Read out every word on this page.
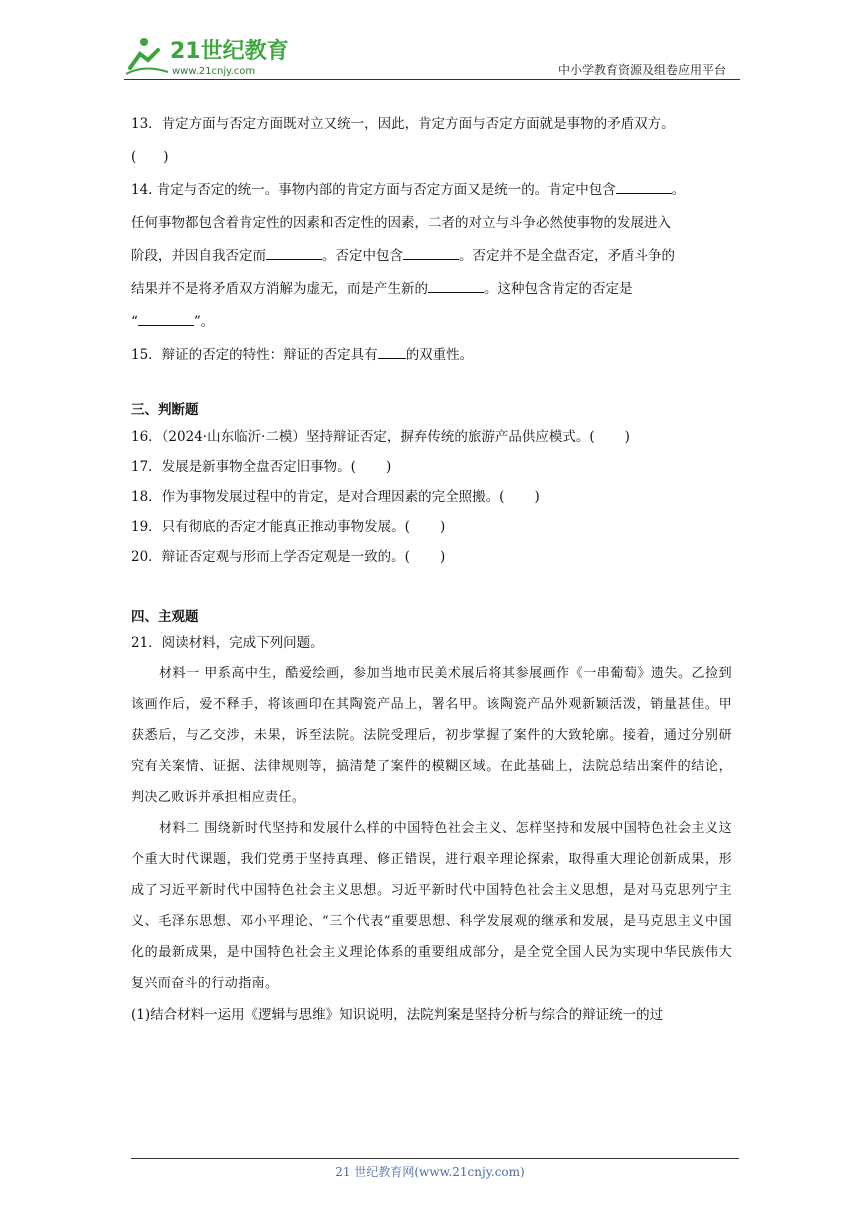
21世纪教育
www.21cnjy.com	中小学教育资源及组卷应用平台
13．肯定方面与否定方面既对立又统一，因此，肯定方面与否定方面就是事物的矛盾双方。
(　　)
14. 肯定与否定的统一。事物内部的肯定方面与否定方面又是统一的。肯定中包含	。
任何事物都包含着肯定性的因素和否定性的因素，二者的对立与斗争必然使事物的发展进入
阶段，并因自我否定而	。否定中包含	。否定并不是全盘否定，矛盾斗争的
结果并不是将矛盾双方消解为虚无，而是产生新的	。这种包含肯定的否定是
“	”。
15．辩证的否定的特性：辩证的否定具有 的双重性。
三、判断题
16．（2024·山东临沂·二模）坚持辩证否定，摒弃传统的旅游产品供应模式。( )
17．发展是新事物全盘否定旧事物。( )
18．作为事物发展过程中的肯定，是对合理因素的完全照搬。( )
19．只有彻底的否定才能真正推动事物发展。( )
20．辩证否定观与形而上学否定观是一致的。( )
四、主观题
21．阅读材料，完成下列问题。
材料一 甲系高中生，酷爱绘画，参加当地市民美术展后将其参展画作《一串葡萄》遗失。乙捡到该画作后，爱不释手，将该画印在其陶瓷产品上，署名甲。该陶瓷产品外观新颖活泼，销量甚佳。甲获悉后，与乙交涉，未果，诉至法院。法院受理后，初步掌握了案件的大致轮廓。接着，通过分别研究有关案情、证据、法律规则等，搞清楚了案件的模糊区域。在此基础上，法院总结出案件的结论，判决乙败诉并承担相应责任。
材料二 围绕新时代坚持和发展什么样的中国特色社会主义、怎样坚持和发展中国特色社会主义这个重大时代课题，我们党勇于坚持真理、修正错误，进行艰辛理论探索，取得重大理论创新成果，形成了习近平新时代中国特色社会主义思想。习近平新时代中国特色社会主义思想，是对马克思列宁主义、毛泽东思想、邓小平理论、“三个代表”重要思想、科学发展观的继承和发展，是马克思主义中国化的最新成果，是中国特色社会主义理论体系的重要组成部分，是全党全国人民为实现中华民族伟大复兴而奋斗的行动指南。
(1)结合材料一运用《逻辑与思维》知识说明，法院判案是坚持分析与综合的辩证统一的过
21 世纪教育网(www.21cnjy.com)
